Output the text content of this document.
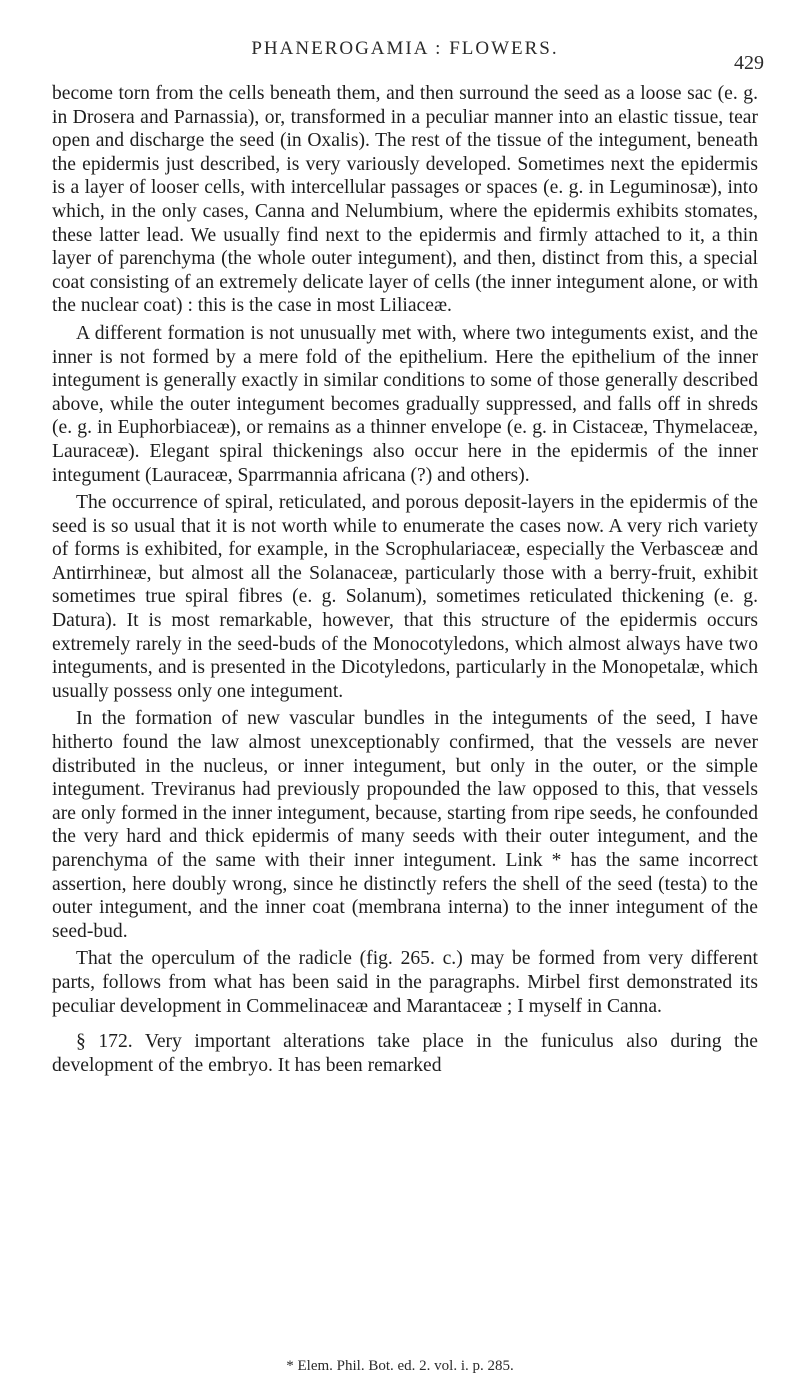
PHANEROGAMIA : FLOWERS.
429

become torn from the cells beneath them, and then surround the seed as a loose sac (e. g. in Drosera and Parnassia), or, transformed in a peculiar manner into an elastic tissue, tear open and discharge the seed (in Oxalis). The rest of the tissue of the integument, beneath the epidermis just described, is very variously developed. Sometimes next the epidermis is a layer of looser cells, with intercellular passages or spaces (e. g. in Leguminosæ), into which, in the only cases, Canna and Nelumbium, where the epidermis exhibits stomates, these latter lead. We usually find next to the epidermis and firmly attached to it, a thin layer of parenchyma (the whole outer integument), and then, distinct from this, a special coat consisting of an extremely delicate layer of cells (the inner integument alone, or with the nuclear coat) : this is the case in most Liliaceæ.

A different formation is not unusually met with, where two integuments exist, and the inner is not formed by a mere fold of the epithelium. Here the epithelium of the inner integument is generally exactly in similar conditions to some of those generally described above, while the outer integument becomes gradually suppressed, and falls off in shreds (e. g. in Euphorbiaceæ), or remains as a thinner envelope (e. g. in Cistaceæ, Thymelaceæ, Lauraceæ). Elegant spiral thickenings also occur here in the epidermis of the inner integument (Lauraceæ, Sparrmannia africana (?) and others).

The occurrence of spiral, reticulated, and porous deposit-layers in the epidermis of the seed is so usual that it is not worth while to enumerate the cases now. A very rich variety of forms is exhibited, for example, in the Scrophulariaceæ, especially the Verbasceæ and Antirrhineæ, but almost all the Solanaceæ, particularly those with a berry-fruit, exhibit sometimes true spiral fibres (e. g. Solanum), sometimes reticulated thickening (e. g. Datura). It is most remarkable, however, that this structure of the epidermis occurs extremely rarely in the seed-buds of the Monocotyledons, which almost always have two integuments, and is presented in the Dicotyledons, particularly in the Monopetalæ, which usually possess only one integument.

In the formation of new vascular bundles in the integuments of the seed, I have hitherto found the law almost unexceptionably confirmed, that the vessels are never distributed in the nucleus, or inner integument, but only in the outer, or the simple integument. Treviranus had previously propounded the law opposed to this, that vessels are only formed in the inner integument, because, starting from ripe seeds, he confounded the very hard and thick epidermis of many seeds with their outer integument, and the parenchyma of the same with their inner integument. Link * has the same incorrect assertion, here doubly wrong, since he distinctly refers the shell of the seed (testa) to the outer integument, and the inner coat (membrana interna) to the inner integument of the seed-bud.

That the operculum of the radicle (fig. 265. c.) may be formed from very different parts, follows from what has been said in the paragraphs. Mirbel first demonstrated its peculiar development in Commelinaceæ and Marantaceæ ; I myself in Canna.

§ 172. Very important alterations take place in the funiculus also during the development of the embryo. It has been remarked

* Elem. Phil. Bot. ed. 2. vol. i. p. 285.
